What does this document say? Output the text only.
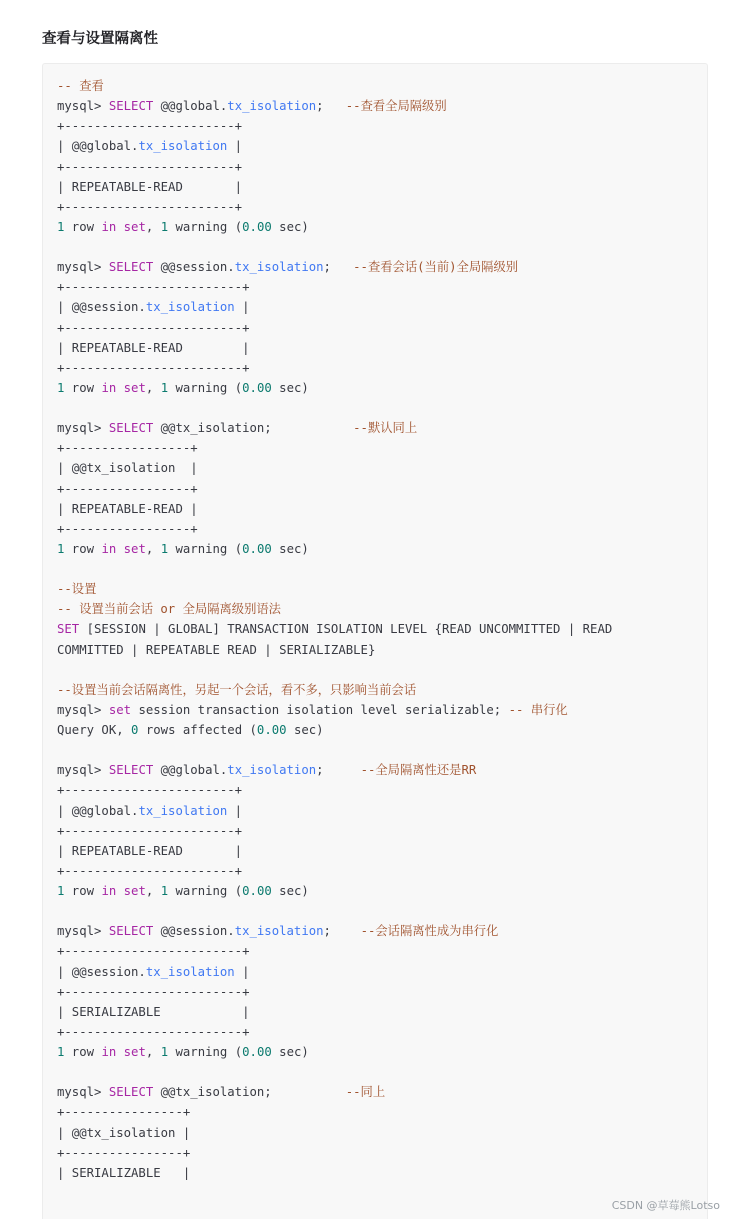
查看与设置隔离性
-- 查看
mysql> SELECT @@global.tx_isolation;   --查看全局隔级别
+-----------------------+
| @@global.tx_isolation |
+-----------------------+
| REPEATABLE-READ       |
+-----------------------+
1 row in set, 1 warning (0.00 sec)

mysql> SELECT @@session.tx_isolation;   --查看会话(当前)全局隔级别
+------------------------+
| @@session.tx_isolation |
+------------------------+
| REPEATABLE-READ        |
+------------------------+
1 row in set, 1 warning (0.00 sec)

mysql> SELECT @@tx_isolation;           --默认同上
+-----------------+
| @@tx_isolation  |
+-----------------+
| REPEATABLE-READ |
+-----------------+
1 row in set, 1 warning (0.00 sec)

--设置
-- 设置当前会话 or 全局隔离级别语法
SET [SESSION | GLOBAL] TRANSACTION ISOLATION LEVEL {READ UNCOMMITTED | READ
COMMITTED | REPEATABLE READ | SERIALIZABLE}

--设置当前会话隔离性，另起一个会话，看不多，只影响当前会话
mysql> set session transaction isolation level serializable; -- 串行化
Query OK, 0 rows affected (0.00 sec)

mysql> SELECT @@global.tx_isolation;     --全局隔离性还是RR
+-----------------------+
| @@global.tx_isolation |
+-----------------------+
| REPEATABLE-READ       |
+-----------------------+
1 row in set, 1 warning (0.00 sec)

mysql> SELECT @@session.tx_isolation;    --会话隔离性成为串行化
+------------------------+
| @@session.tx_isolation |
+------------------------+
| SERIALIZABLE           |
+------------------------+
1 row in set, 1 warning (0.00 sec)

mysql> SELECT @@tx_isolation;          --同上
+----------------+
| @@tx_isolation |
+----------------+
| SERIALIZABLE   |
CSDN @草莓熊Lotso
